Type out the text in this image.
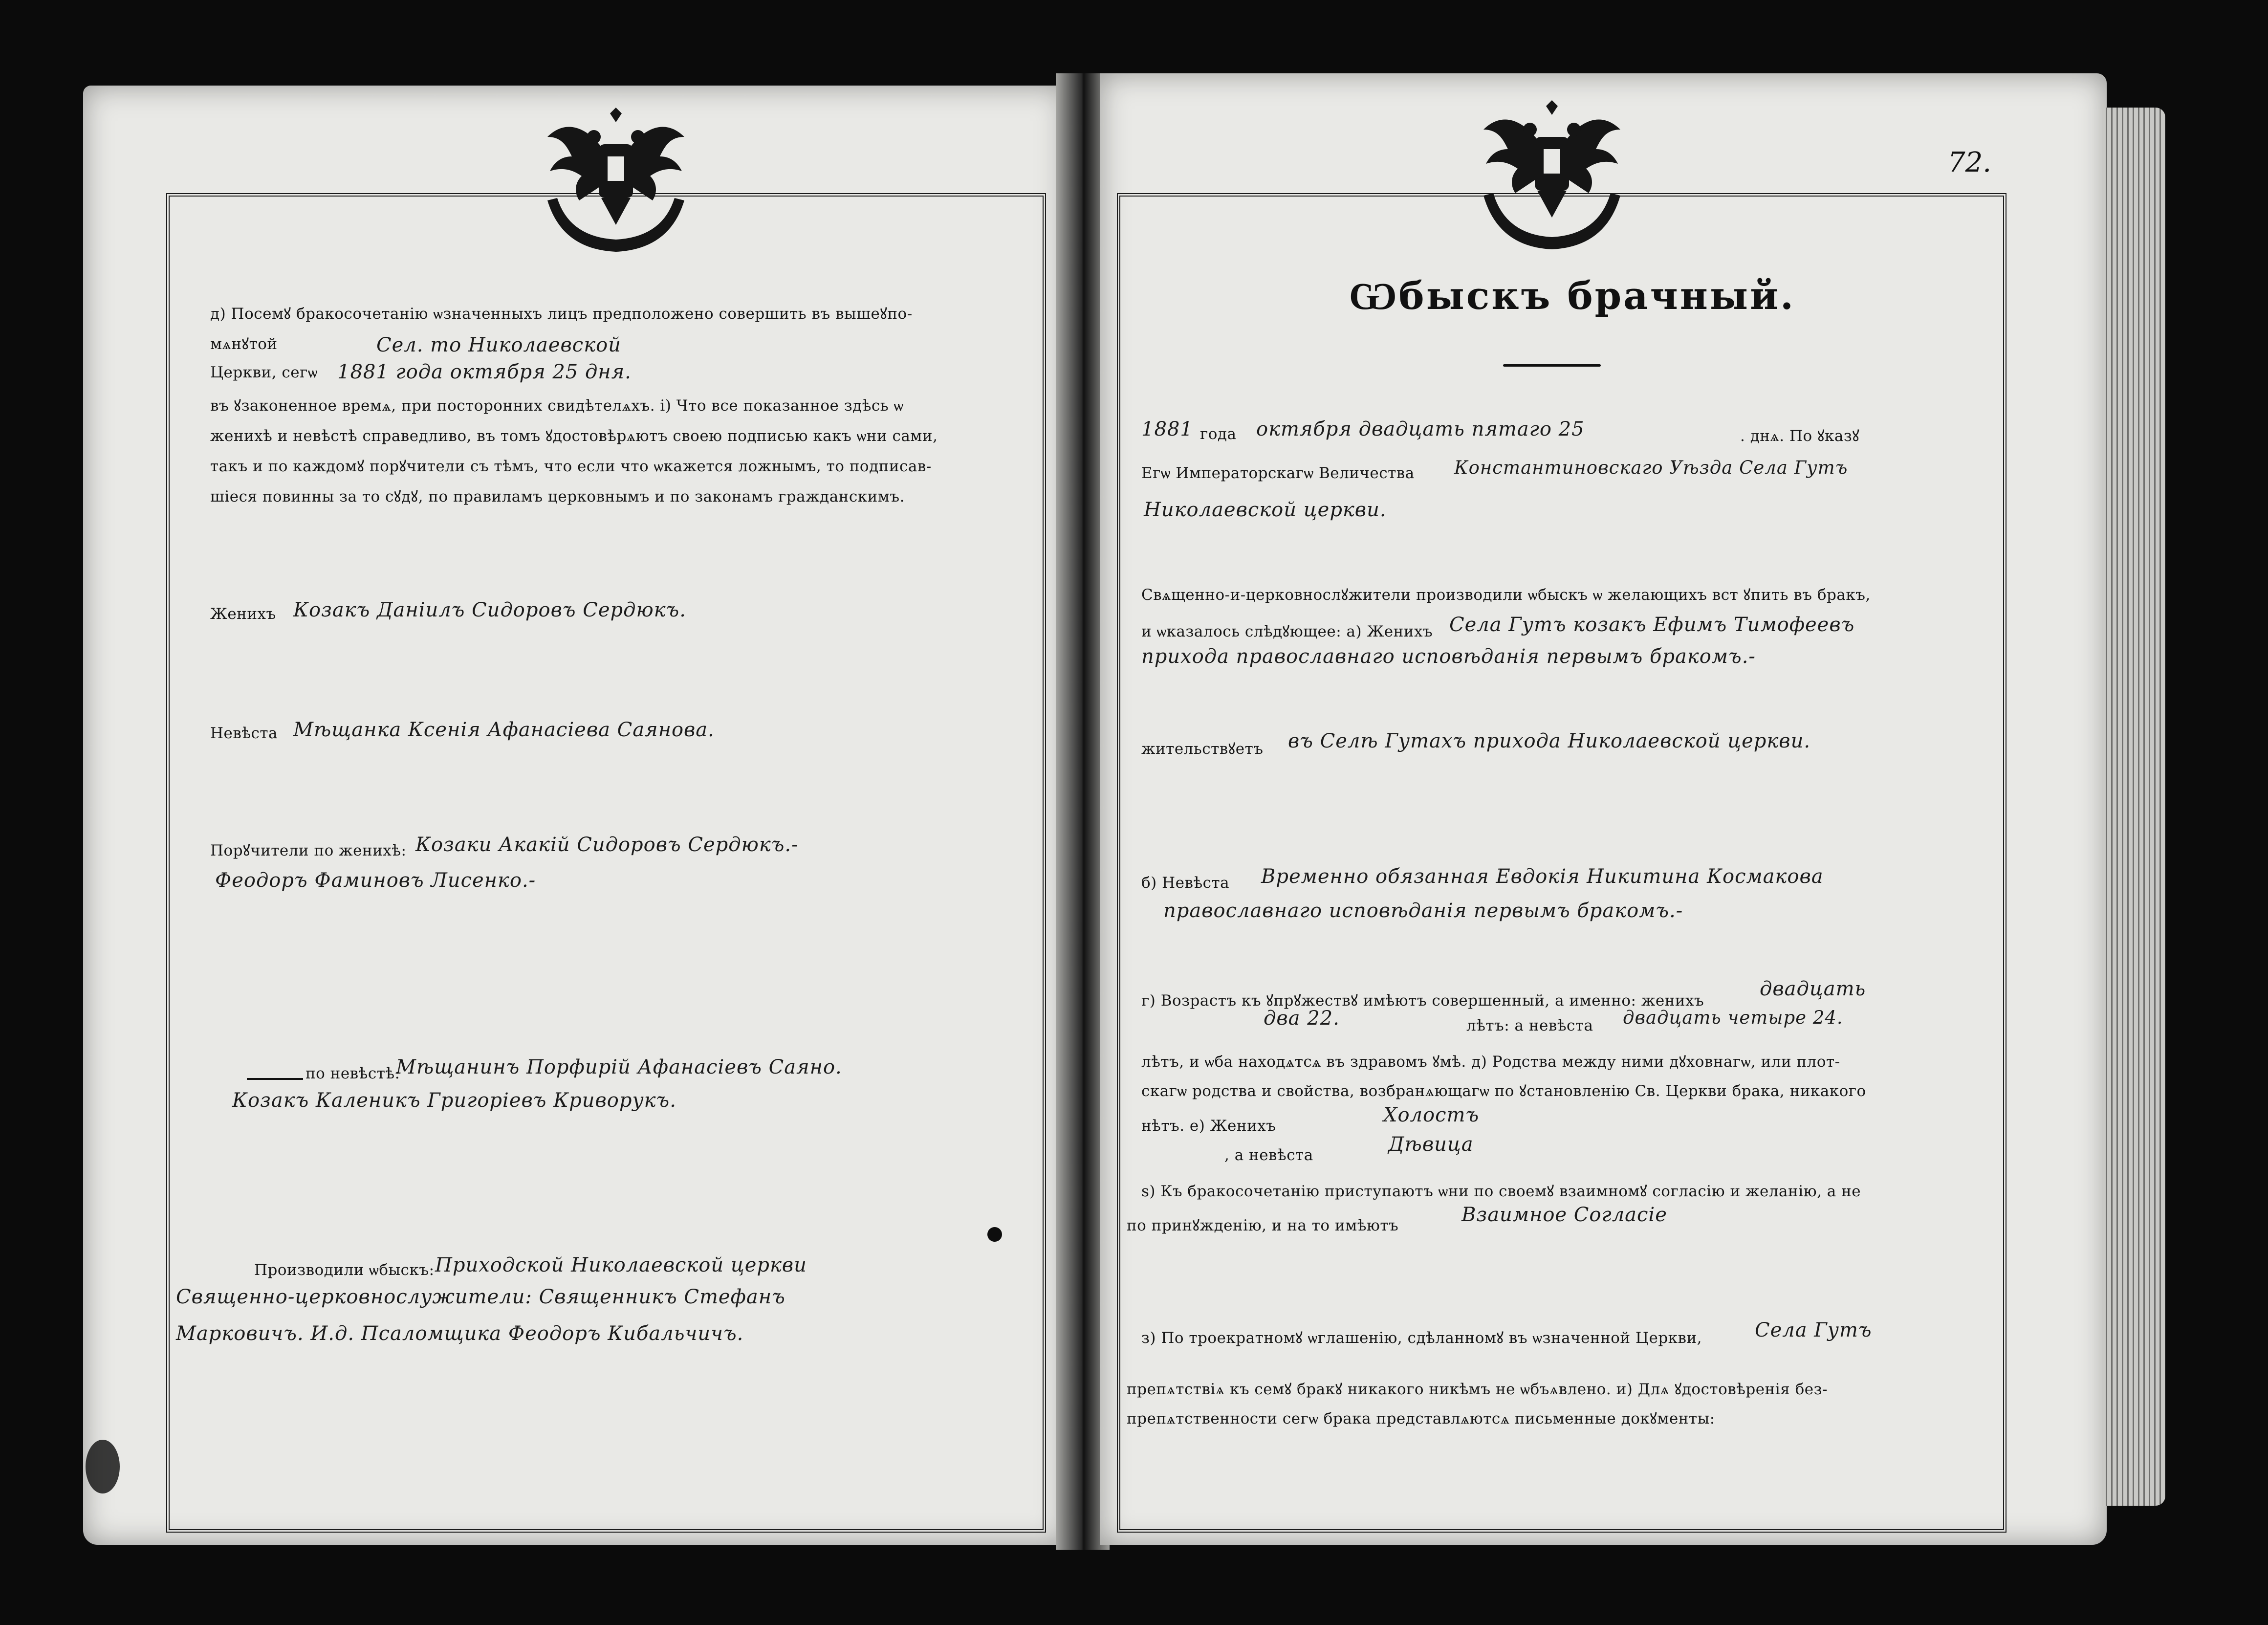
72.
д) Посемꙋ бракосочетанію ѡзначенныхъ лицъ предположено совершить въ вышеꙋпо-
мѧнꙋтой	Сел. то Николаевской
Церкви, сегѡ 1881 года октября 25 дня.
въ ꙋзаконенное времѧ, при посторонних свидѣтелѧхъ. і) Что все показанное здѣсь ѡ
женихѣ и невѣстѣ справедливо, въ томъ ꙋдостовѣрѧютъ своею подписью какъ ѡни сами,
такъ и по каждомꙋ порꙋчители съ тѣмъ, что если что ѡкажется ложнымъ, то подписав-
шіеся повинны за то сꙋдꙋ, по правиламъ церковнымъ и по законамъ гражданскимъ.
Женихъ Козакъ Даніилъ Сидоровъ Сердюкъ.
Невѣста Мѣщанка Ксенія Афанасіева Саянова.
Порꙋчители по женихѣ: Козаки Акакій Сидоровъ Сердюкъ.-
Феодоръ Фаминовъ Лисенко.-
по невѣстѣ:
Мѣщанинъ Порфирій Афанасіевъ Саяно.
Козакъ Каленикъ Григоріевъ Криворукъ.
Производили ѡбыскъ: Приходской Николаевской церкви
Священно-церковнослужители: Священникъ Стефанъ
Марковичъ. И.д. Псаломщика Феодоръ Кибальчичъ.
Ѡбыскъ брачный.
1881 года октября двадцать пятаго 25	. днѧ. По ꙋказꙋ
Егѡ Императорскагѡ Величества Константиновскаго Уѣзда Села Гутъ
Николаевской церкви.
Свѧщенно-и-церковнослꙋжители производили ѡбыскъ ѡ желающихъ вст ꙋпить въ бракъ,
и ѡказалось слѣдꙋющее: а) Женихъ Села Гутъ козакъ Ефимъ Тимофеевъ
прихода православнаго исповѣданія первымъ бракомъ.-
жительствꙋетъ въ Селѣ Гутахъ прихода Николаевской церкви.
б) Невѣста Временно обязанная Евдокія Никитина Космакова
православнаго исповѣданія первымъ бракомъ.-
г) Возрастъ къ ꙋпрꙋжествꙋ имѣютъ совершенный, а именно: женихъ
двадцать
два 22.	лѣтъ: а невѣста двадцать четыре 24.
лѣтъ, и ѡба находѧтсѧ въ здравомъ ꙋмѣ. д) Родства между ними дꙋховнагѡ, или плот-
скагѡ родства и свойства, возбранѧющагѡ по ꙋстановленію Св. Церкви брака, никакого
нѣтъ. е) Женихъ	Холостъ
, а невѣста	Дѣвица
ѕ) Къ бракосочетанію приступаютъ ѡни по своемꙋ взаимномꙋ согласію и желанію, а не
по принꙋжденію, и на то имѣютъ	Взаимное Согласіе
з) По троекратномꙋ ѡглашенію, сдѣланномꙋ въ ѡзначенной Церкви,	Села Гутъ
препѧтствіѧ къ семꙋ бракꙋ никакого никѣмъ не ѡбъѧвлено. и) Длѧ ꙋдостовѣренія без-
препѧтственности сегѡ брака представлѧютсѧ письменные докꙋменты:
